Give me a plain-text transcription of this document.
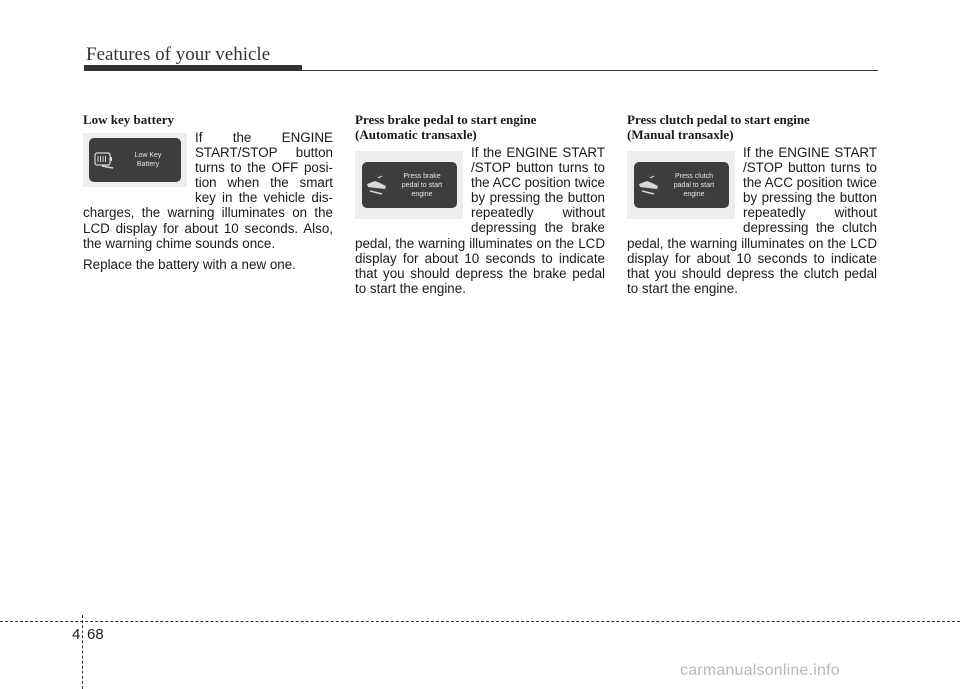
Features of your vehicle
Low key battery
Low Key
Battery

If the ENGINE START/STOP button turns to the OFF posi-tion when the smart key in the vehicle dis-charges, the warning illuminates on the LCD display for about 10 seconds. Also, the warning chime sounds once.

Replace the battery with a new one.

Press brake pedal to start engine
(Automatic transaxle)
Press brake
pedal to start
engine

If the ENGINE START /STOP button turns to the ACC position twice by pressing the button repeatedly without depressing the brake pedal, the warning illuminates on the LCD display for about 10 seconds to indicate that you should depress the brake pedal to start the engine.

Press clutch pedal to start engine
(Manual transaxle)
Press clutch
padal to start
engine

If the ENGINE START /STOP button turns to the ACC position twice by pressing the button repeatedly without depressing the clutch pedal, the warning illuminates on the LCD display for about 10 seconds to indicate that you should depress the clutch pedal to start the engine.

4 68
carmanualsonline.info
